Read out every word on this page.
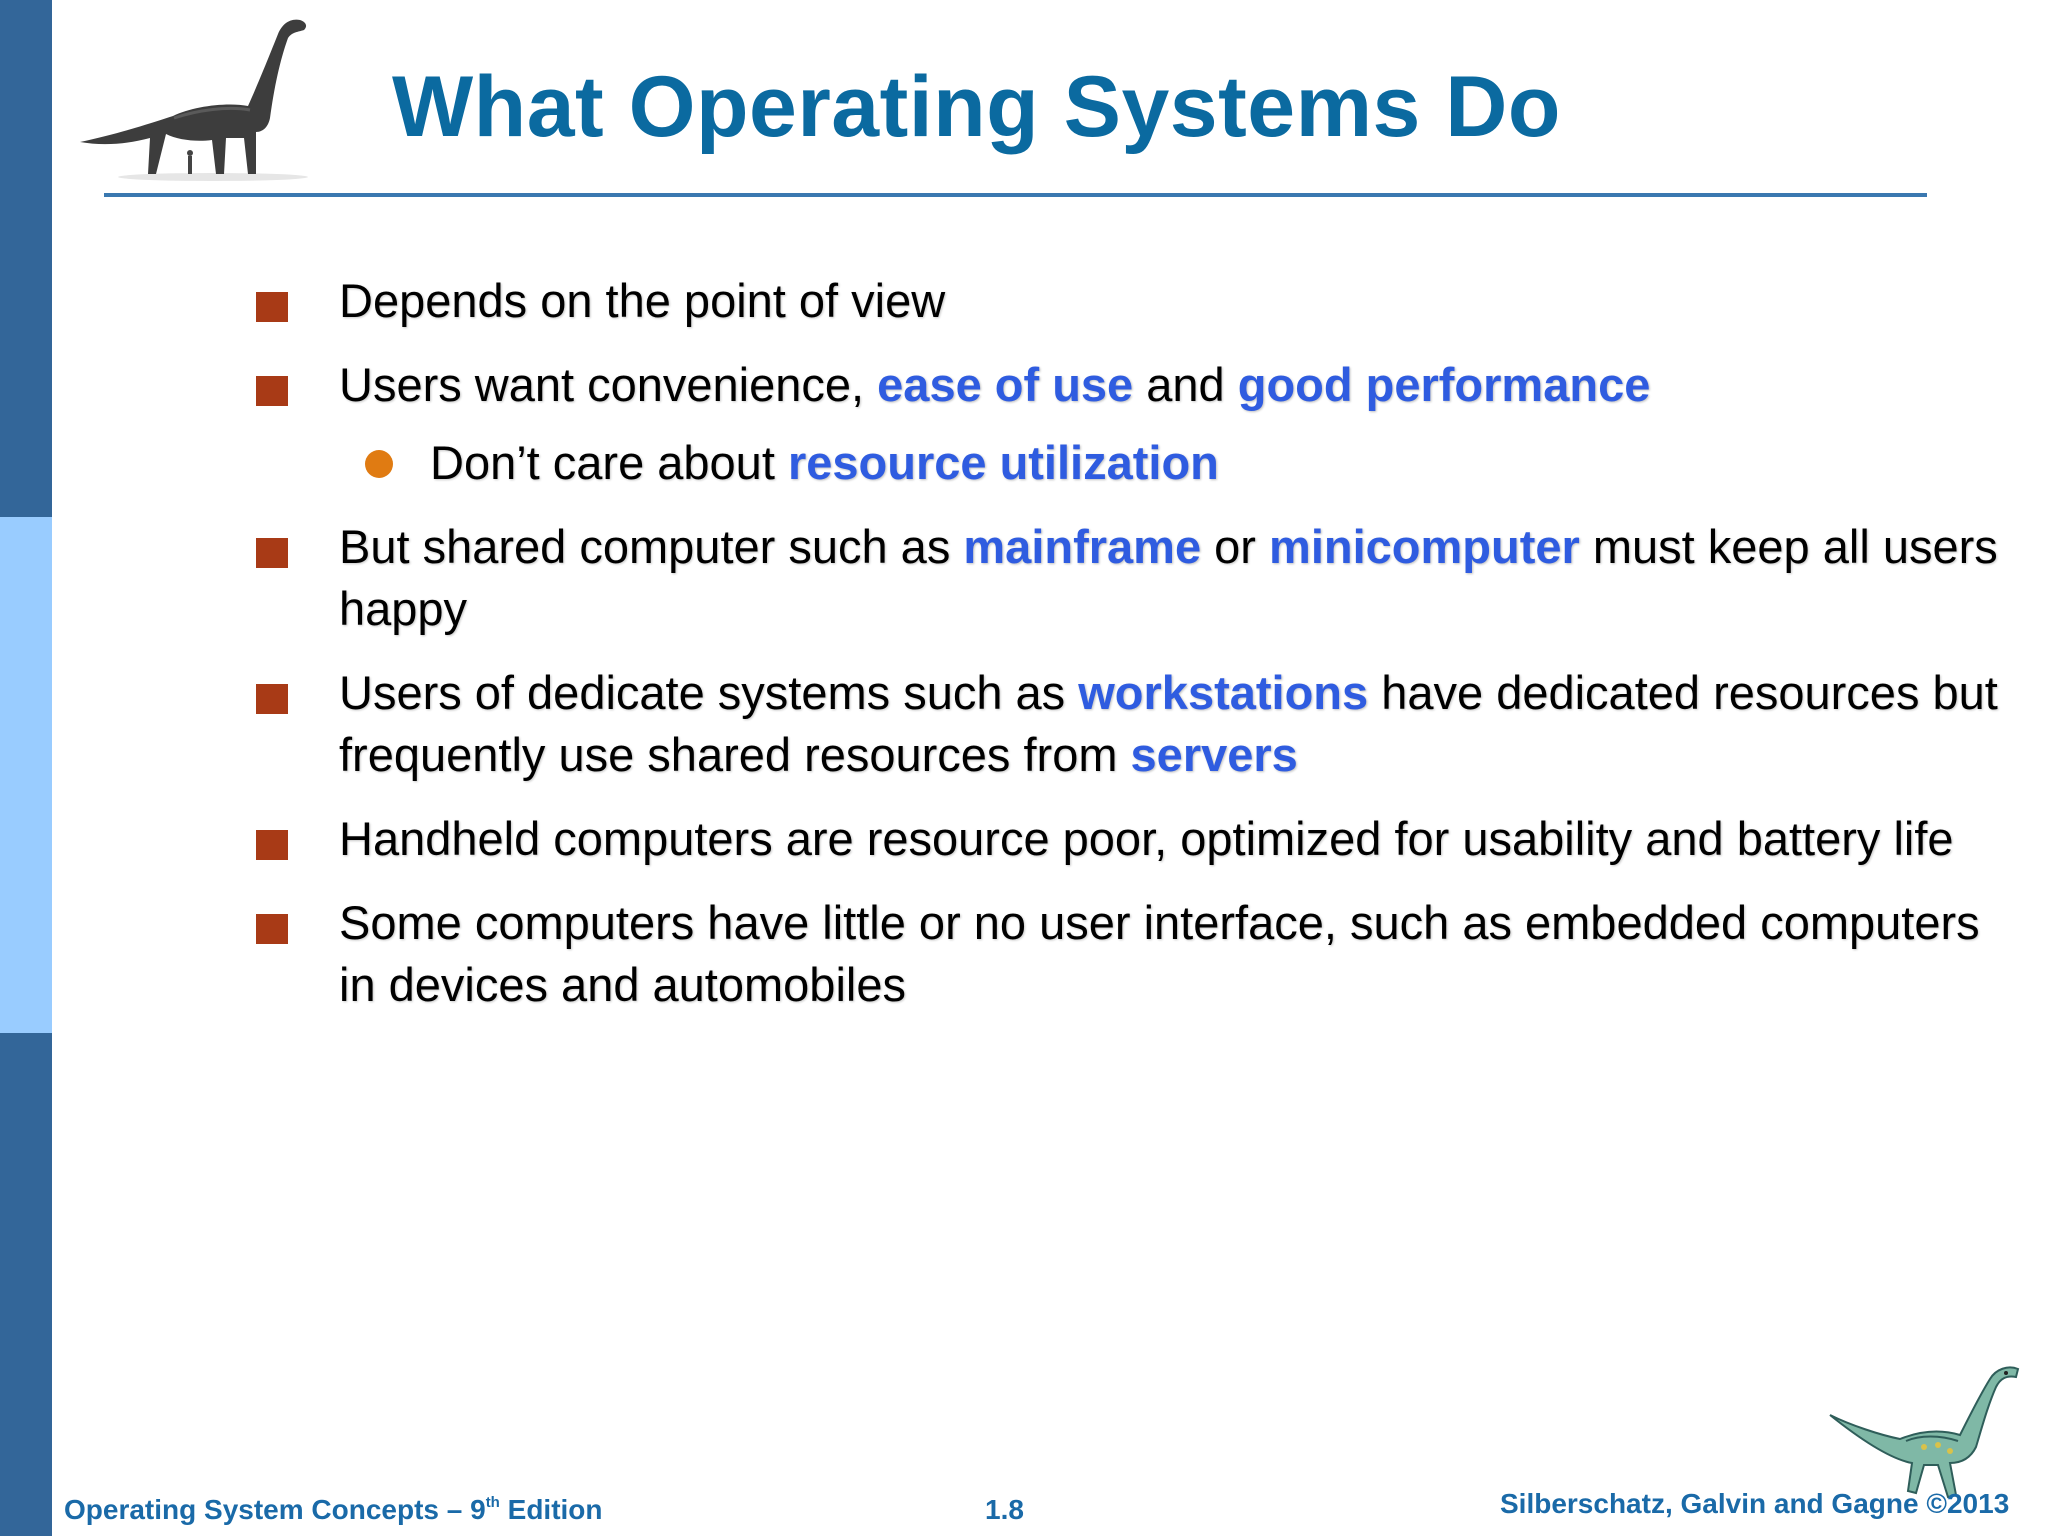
What Operating Systems Do
Depends on the point of view
Users want convenience, ease of use and good performance
Don’t care about resource utilization
But shared computer such as mainframe or minicomputer must keep all users happy
Users of dedicate systems such as workstations have dedicated resources but frequently use shared resources from servers
Handheld computers are resource poor, optimized for usability and battery life
Some computers have little or no user interface, such as embedded computers in devices and automobiles
Operating System Concepts – 9th Edition	1.8	Silberschatz, Galvin and Gagne ©2013
